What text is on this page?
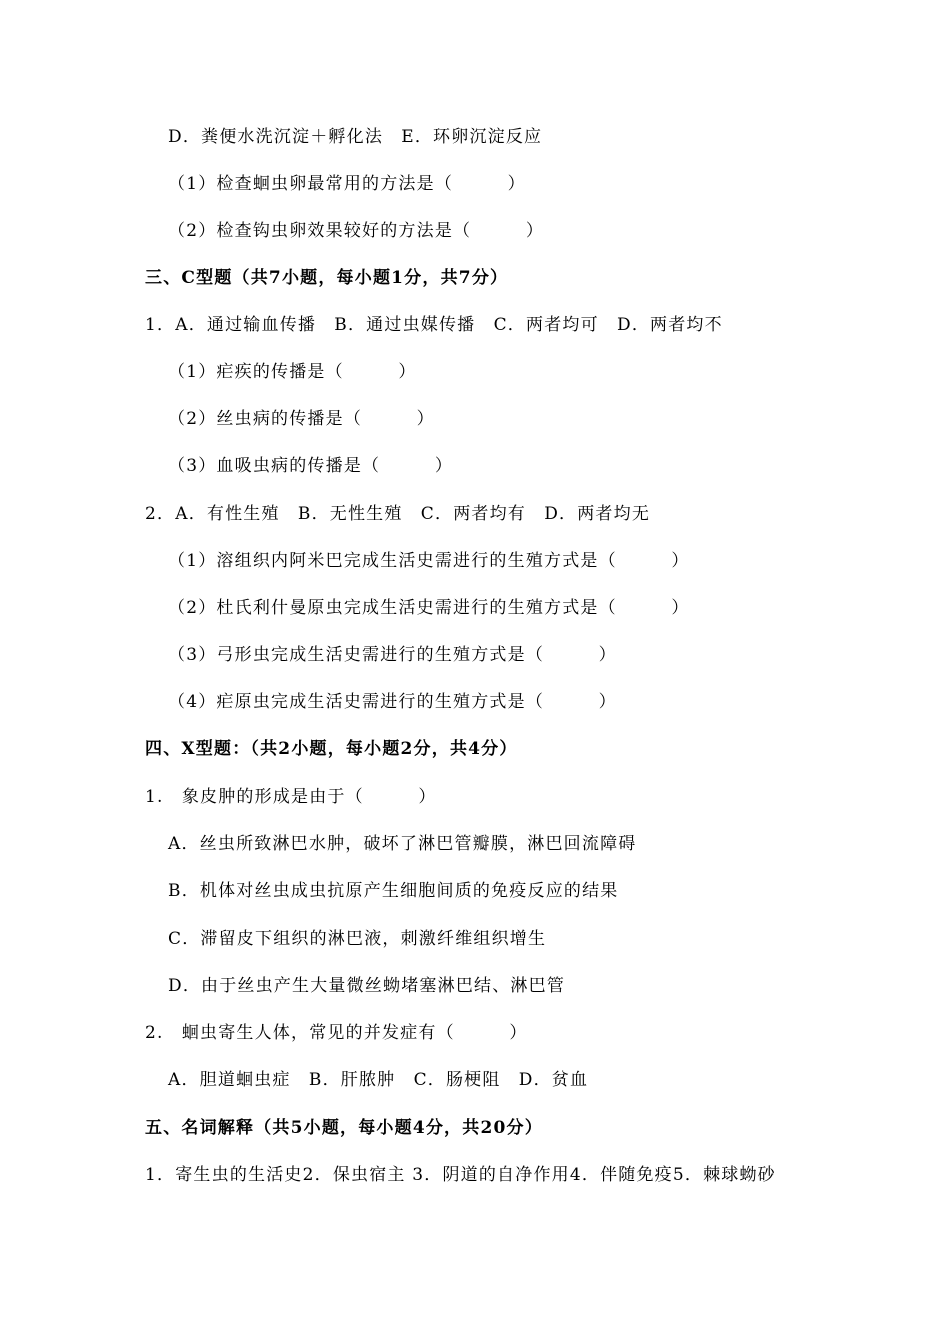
D．粪便水洗沉淀＋孵化法　E．环卵沉淀反应
（1）检查蛔虫卵最常用的方法是（　　　）
（2）检查钩虫卵效果较好的方法是（　　　）
三、C型题（共7小题，每小题1分，共7分）
1．A．通过输血传播　B．通过虫媒传播　C．两者均可　D．两者均不
（1）疟疾的传播是（　　　）
（2）丝虫病的传播是（　　　）
（3）血吸虫病的传播是（　　　）
2．A．有性生殖　B．无性生殖　C．两者均有　D．两者均无
（1）溶组织内阿米巴完成生活史需进行的生殖方式是（　　　）
（2）杜氏利什曼原虫完成生活史需进行的生殖方式是（　　　）
（3）弓形虫完成生活史需进行的生殖方式是（　　　）
（4）疟原虫完成生活史需进行的生殖方式是（　　　）
四、X型题：（共2小题，每小题2分，共4分）
1.　象皮肿的形成是由于（　　　）
A．丝虫所致淋巴水肿，破坏了淋巴管瓣膜，淋巴回流障碍
B．机体对丝虫成虫抗原产生细胞间质的免疫反应的结果
C．滞留皮下组织的淋巴液，刺激纤维组织增生
D．由于丝虫产生大量微丝蚴堵塞淋巴结、淋巴管
2.　蛔虫寄生人体，常见的并发症有（　　　）
A．胆道蛔虫症　B．肝脓肿　C．肠梗阻　D．贫血
五、名词解释（共5小题，每小题4分，共20分）
1．寄生虫的生活史2．保虫宿主 3．阴道的自净作用4．伴随免疫5．棘球蚴砂
